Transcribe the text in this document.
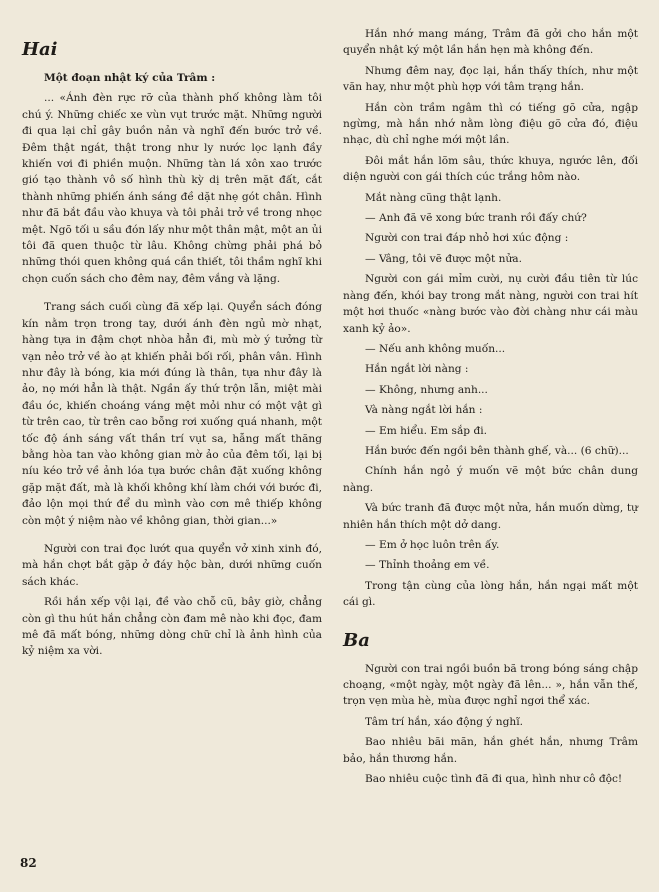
Hai
Một đoạn nhật ký của Trâm :

... «Ánh đèn rực rỡ của thành phố không làm tôi chú ý. Những chiếc xe vùn vụt trước mặt. Những người đi qua lại chỉ gây buồn nản và nghĩ đến bước trở về. Đêm thật ngát, thật trong như ly nước lọc lạnh đầy khiến vơi đi phiền muộn. Những tàn lá xôn xao trước gió tạo thành vô số hình thù kỳ dị trên mặt đất, cắt thành những phiến ánh sáng đề dặt nhẹ gót chân. Hình như đã bắt đầu vào khuya và tôi phải trở về trong nhọc mệt. Ngõ tối u sầu đón lấy như một thân mật, một an ủi tôi đã quen thuộc từ lâu. Không chừng phải phá bỏ những thói quen không quá cần thiết, tôi thầm nghĩ khi chọn cuốn sách cho đêm nay, đêm vắng và lặng.

Trang sách cuối cùng đã xếp lại. Quyển sách đóng kín nằm trọn trong tay, dưới ánh đèn ngủ mờ nhạt, hàng tựa in đậm chợt nhòa hẳn đi, mù mờ ý tưởng từ vạn nẻo trở về ào ạt khiến phải bối rối, phân vân. Hình như đây là bóng, kia mới đúng là thân, tựa như đây là ảo, nọ mới hẳn là thật. Ngần ấy thứ trộn lẫn, miệt mài đầu óc, khiến choáng váng mệt mỏi như có một vật gì từ trên cao, từ trên cao bỗng rơi xuống quá nhanh, một tốc độ ánh sáng vất thần trí vụt sa, hẫng mất thăng bằng hòa tan vào không gian mờ ảo của đêm tối, lại bị níu kéo trở về ảnh lóa tựa bước chân đặt xuống không gặp mặt đất, mà là khối không khí làm chới với bước đi, đảo lộn mọi thứ để du mình vào cơn mê thiếp không còn một ý niệm nào về không gian, thời gian...»

Người con trai đọc lướt qua quyển vở xinh xinh đó, mà hắn chợt bắt gặp ở đáy hộc bàn, dưới những cuốn sách khác.

Rồi hắn xếp vội lại, đề vào chỗ cũ, bây giờ, chẳng còn gì thu hút hắn chẳng còn đam mê nào khi đọc, đam mê đã mất bóng, những dòng chữ chỉ là ảnh hình của kỷ niệm xa vời.

Hắn nhớ mang máng, Trâm đã gởi cho hắn một quyển nhật ký một lần hắn hẹn mà không đến.

Nhưng đêm nay, đọc lại, hắn thấy thích, như một văn hay, như một phù hợp với tâm trạng hắn.

Hắn còn trầm ngâm thì có tiếng gõ cửa, ngập ngừng, mà hắn nhớ nằm lòng điệu gõ cửa đó, điệu nhạc, dù chỉ nghe mới một lần.

Đôi mắt hắn lõm sâu, thức khuya, ngước lên, đối diện người con gái thích cúc trắng hôm nào.

Mắt nàng cũng thật lạnh.

— Anh đã vẽ xong bức tranh rồi đấy chứ?

Người con trai đáp nhỏ hơi xúc động :

— Vâng, tôi vẽ được một nửa.

Người con gái mỉm cười, nụ cười đầu tiên từ lúc nàng đến, khói bay trong mắt nàng, người con trai hít một hơi thuốc «nàng bước vào đời chàng như cái màu xanh kỷ ảo».

— Nếu anh không muốn...

Hắn ngắt lời nàng :

— Không, nhưng anh...

Và nàng ngắt lời hắn :

— Em hiểu. Em sắp đi.

Hắn bước đến ngồi bên thành ghế, và... (6 chữ)...

Chính hắn ngỏ ý muốn vẽ một bức chân dung nàng.

Và bức tranh đã được một nửa, hắn muốn dừng, tự nhiên hắn thích một dở dang.

— Em ở học luôn trên ấy.

— Thỉnh thoảng em về.

Trong tận cùng của lòng hắn, hắn ngại mất một cái gì.

Ba

Người con trai ngồi buồn bã trong bóng sáng chập choạng, «một ngày, một ngày đã lên... », hắn vẫn thế, trọn vẹn mùa hè, mùa được nghỉ ngơi thể xác.

Tâm trí hắn, xáo động ý nghĩ.

Bao nhiêu bãi mãn, hắn ghét hắn, nhưng Trâm bảo, hắn thương hắn.

Bao nhiêu cuộc tình đã đi qua, hình như cô độc!

82
